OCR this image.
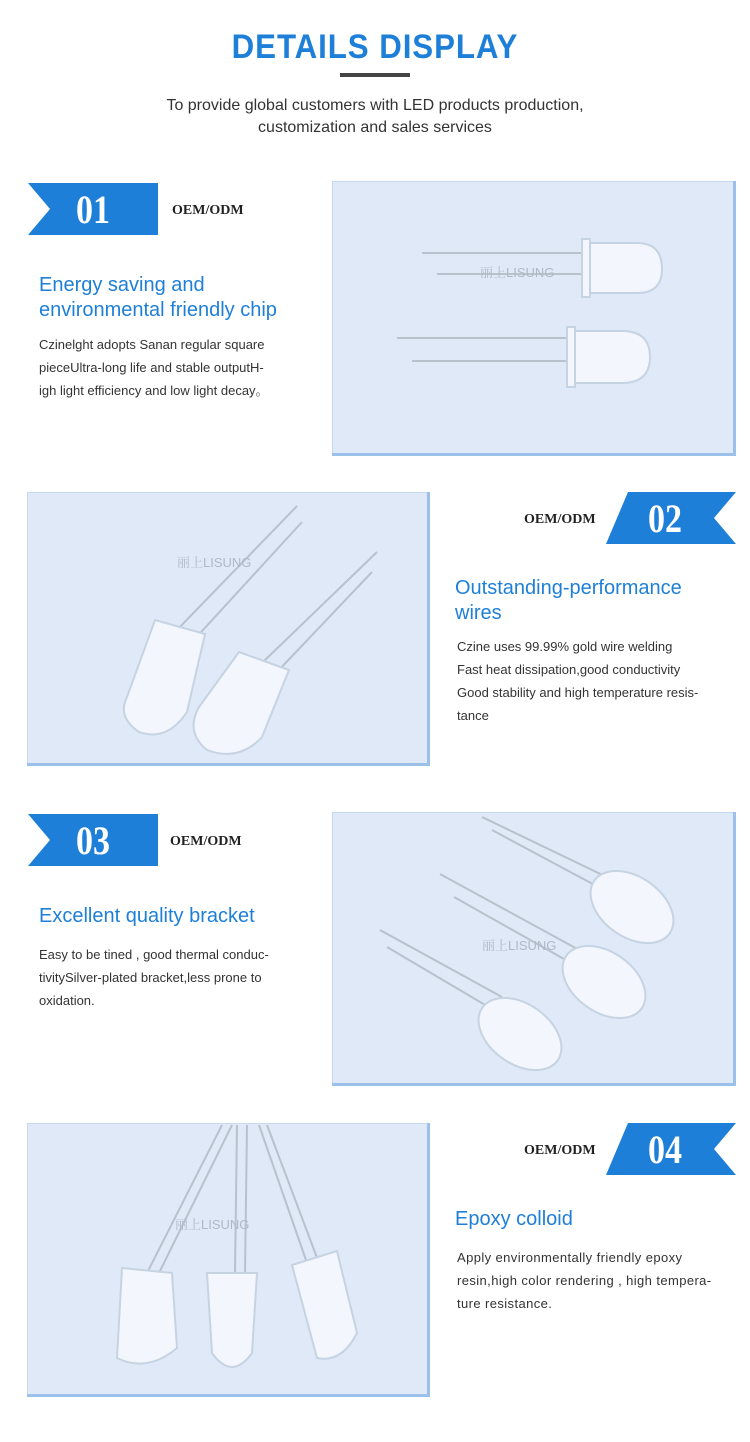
DETAILS DISPLAY
To provide global customers with LED products production,
customization and sales services
01	OEM/ODM
Energy saving and
environmental friendly chip
Czinelght adopts Sanan regular square
pieceUltra-long life and stable outputH-
igh light efficiency and low light decay。
丽上LISUNG
丽上LISUNG
OEM/ODM	02
Outstanding-performance
wires
Czine uses 99.99% gold wire welding
Fast heat dissipation,good conductivity
Good stability and high temperature resis-
tance
03	OEM/ODM
Excellent quality bracket
Easy to be tined , good thermal conduc-
tivitySilver-plated bracket,less prone to
oxidation.
丽上LISUNG
丽上LISUNG
OEM/ODM	04
Epoxy colloid
Apply environmentally friendly epoxy
resin,high color rendering , high tempera-
ture resistance.
